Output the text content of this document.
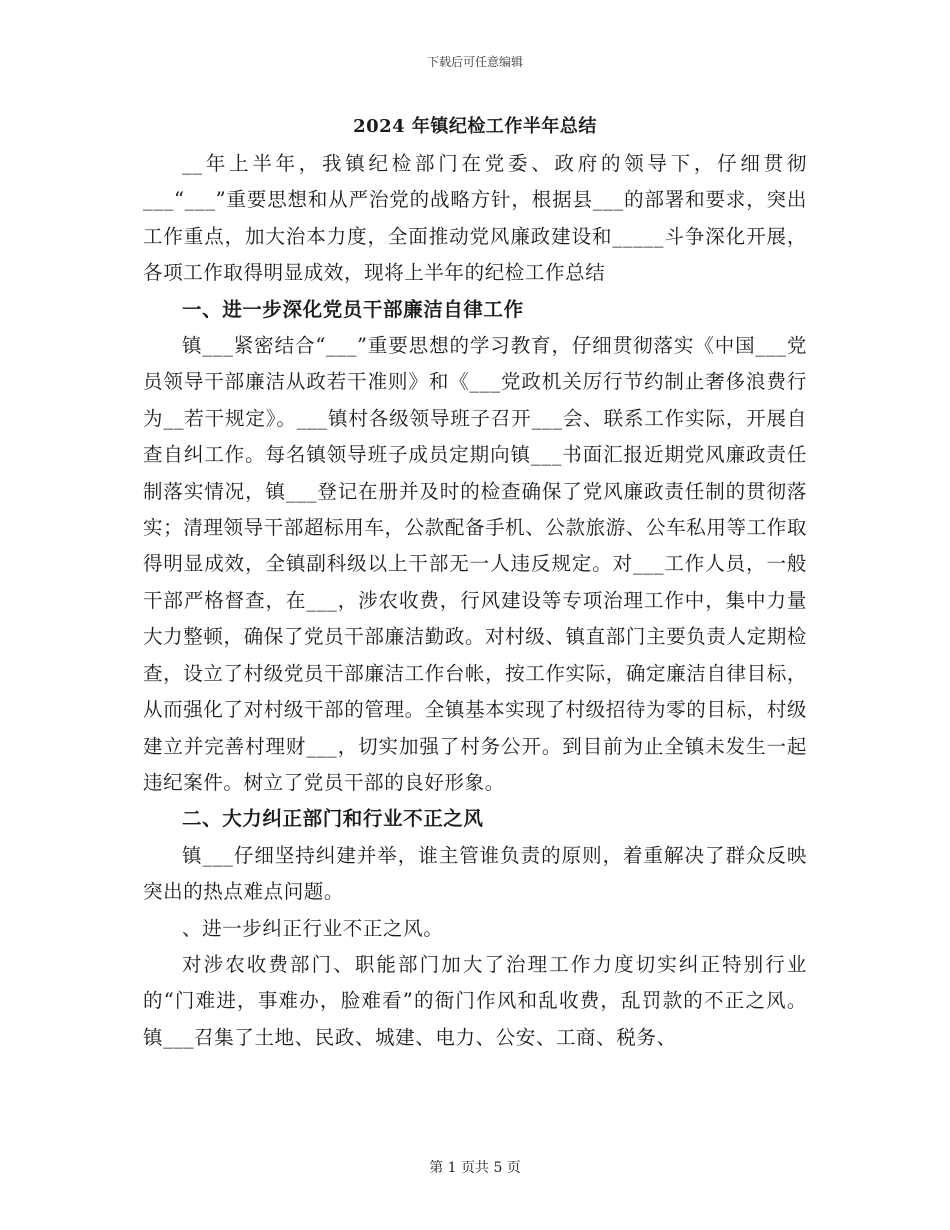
下载后可任意编辑
2024 年镇纪检工作半年总结

__年上半年，我镇纪检部门在党委、政府的领导下，仔细贯彻___“___”重要思想和从严治党的战略方针，根据县___的部署和要求，突出工作重点，加大治本力度，全面推动党风廉政建设和_____斗争深化开展，各项工作取得明显成效，现将上半年的纪检工作总结

一、进一步深化党员干部廉洁自律工作

镇___紧密结合“___”重要思想的学习教育，仔细贯彻落实《中国___党员领导干部廉洁从政若干准则》和《___党政机关厉行节约制止奢侈浪费行为__若干规定》。___镇村各级领导班子召开___会、联系工作实际，开展自查自纠工作。每名镇领导班子成员定期向镇___书面汇报近期党风廉政责任制落实情况，镇___登记在册并及时的检查确保了党风廉政责任制的贯彻落实；清理领导干部超标用车，公款配备手机、公款旅游、公车私用等工作取得明显成效，全镇副科级以上干部无一人违反规定。对___工作人员，一般干部严格督查，在___，涉农收费，行风建设等专项治理工作中，集中力量大力整顿，确保了党员干部廉洁勤政。对村级、镇直部门主要负责人定期检查，设立了村级党员干部廉洁工作台帐，按工作实际，确定廉洁自律目标，从而强化了对村级干部的管理。全镇基本实现了村级招待为零的目标，村级建立并完善村理财___，切实加强了村务公开。到目前为止全镇未发生一起违纪案件。树立了党员干部的良好形象。

二、大力纠正部门和行业不正之风

镇___仔细坚持纠建并举，谁主管谁负责的原则，着重解决了群众反映突出的热点难点问题。

、进一步纠正行业不正之风。

对涉农收费部门、职能部门加大了治理工作力度切实纠正特别行业的“门难进，事难办，脸难看”的衙门作风和乱收费，乱罚款的不正之风。镇___召集了土地、民政、城建、电力、公安、工商、税务、

第 1 页共 5 页
